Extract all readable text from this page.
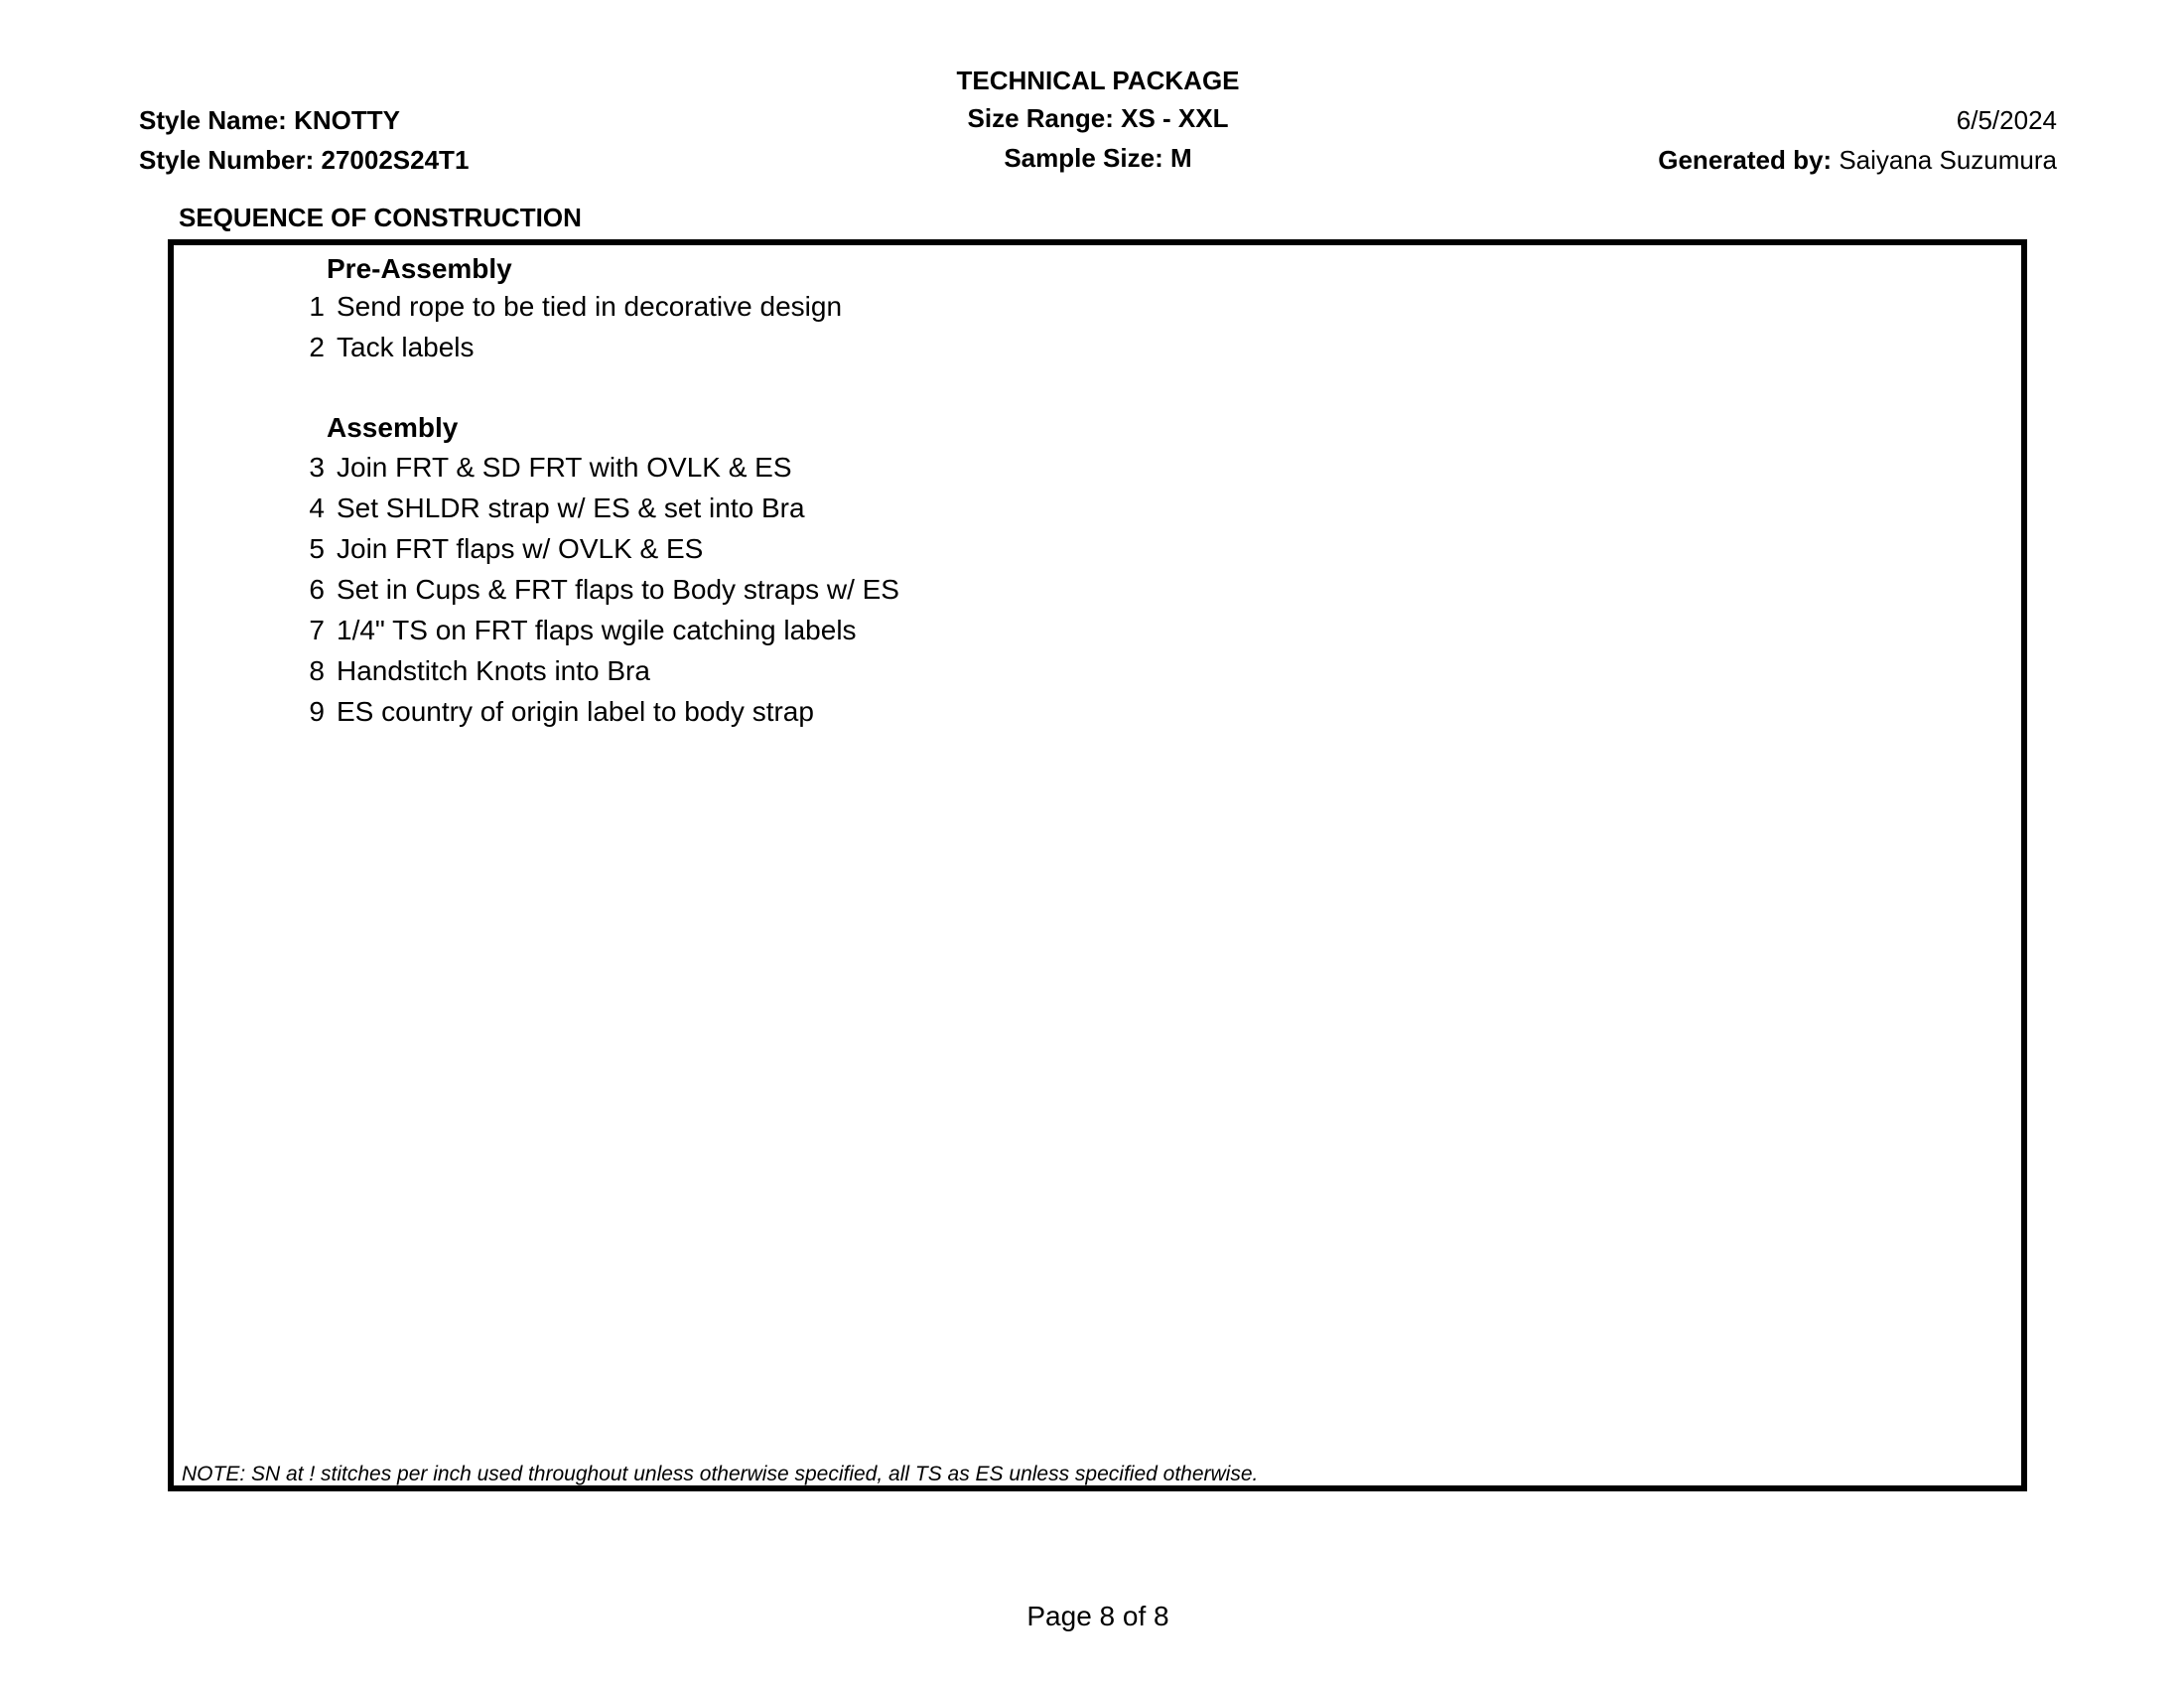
TECHNICAL PACKAGE
Size Range: XS - XXL
Sample Size: M
Style Name: KNOTTY
Style Number: 27002S24T1
6/5/2024
Generated by: Saiyana Suzumura
SEQUENCE OF CONSTRUCTION
Pre-Assembly
1 Send rope to be tied in decorative design
2 Tack labels
Assembly
3 Join FRT & SD FRT with OVLK & ES
4 Set SHLDR strap w/ ES & set into Bra
5 Join FRT flaps w/ OVLK & ES
6 Set in Cups & FRT flaps to Body straps w/ ES
7 1/4" TS on FRT flaps wgile catching labels
8 Handstitch Knots into Bra
9 ES country of origin label to body strap
NOTE: SN at ! stitches per inch used throughout unless otherwise specified, all TS as ES unless specified otherwise.
Page 8 of 8
